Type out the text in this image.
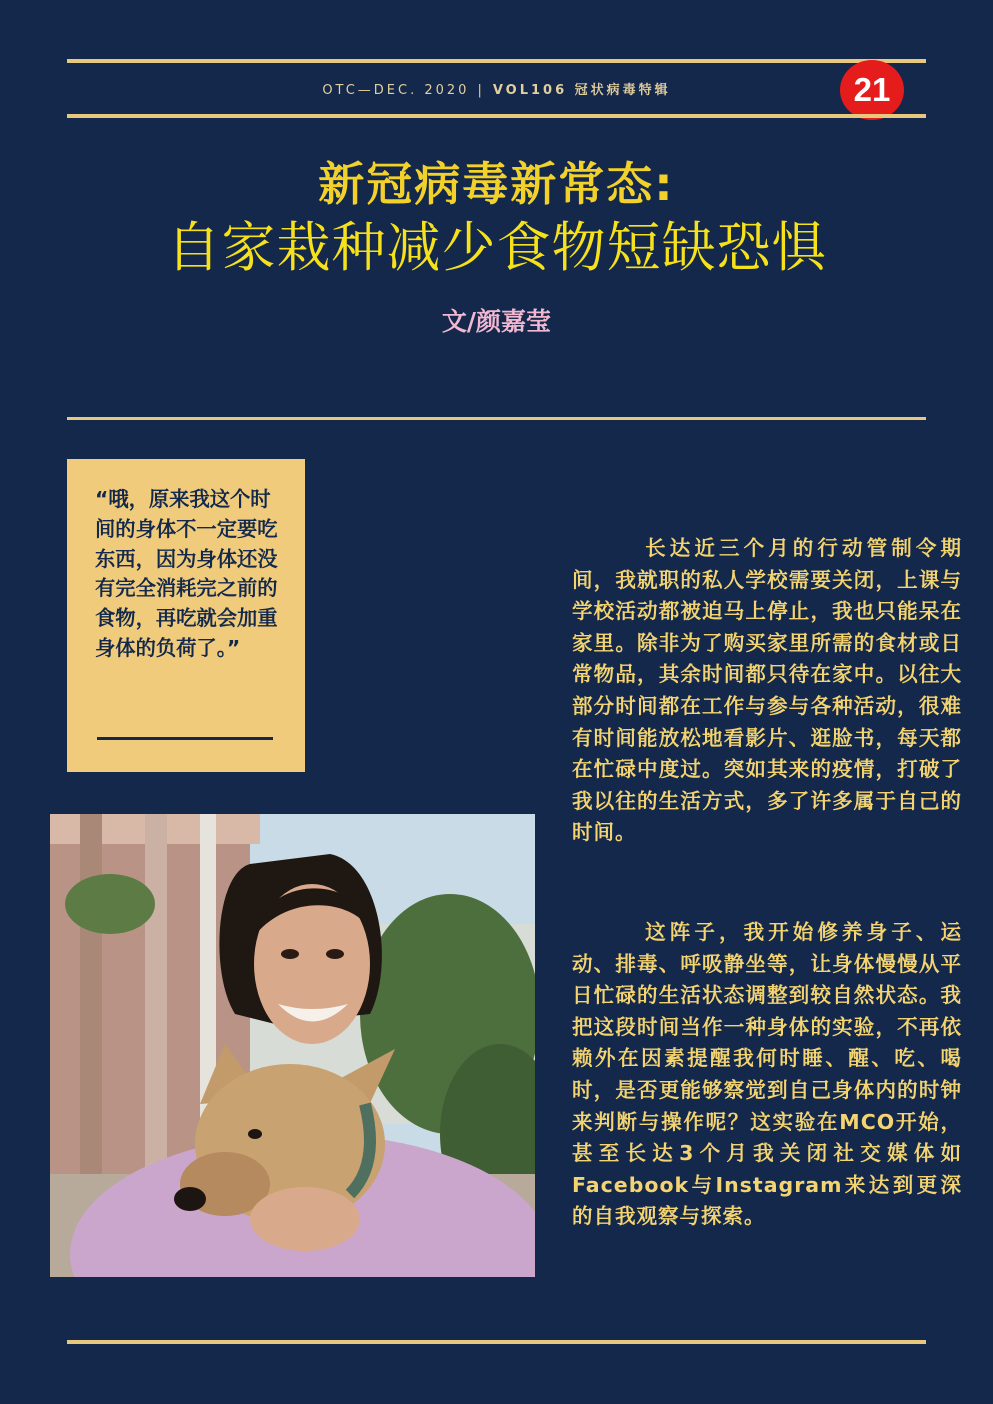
OTC—DEC. 2020 | VOL106 冠状病毒特辑	21
新冠病毒新常态:
自家栽种减少食物短缺恐惧
文/颜嘉莹
“哦，原来我这个时间的身体不一定要吃东西，因为身体还没有完全消耗完之前的食物，再吃就会加重身体的负荷了。”
长达近三个月的行动管制令期间，我就职的私人学校需要关闭，上课与学校活动都被迫马上停止，我也只能呆在家里。除非为了购买家里所需的食材或日常物品，其余时间都只待在家中。以往大部分时间都在工作与参与各种活动，很难有时间能放松地看影片、逛脸书，每天都在忙碌中度过。突如其来的疫情，打破了我以往的生活方式，多了许多属于自己的时间。
这阵子，我开始修养身子、运动、排毒、呼吸静坐等，让身体慢慢从平日忙碌的生活状态调整到较自然状态。我把这段时间当作一种身体的实验，不再依赖外在因素提醒我何时睡、醒、吃、喝时，是否更能够察觉到自己身体内的时钟来判断与操作呢？这实验在MCO开始，甚至长达3个月我关闭社交媒体如Facebook与Instagram来达到更深的自我观察与探索。
